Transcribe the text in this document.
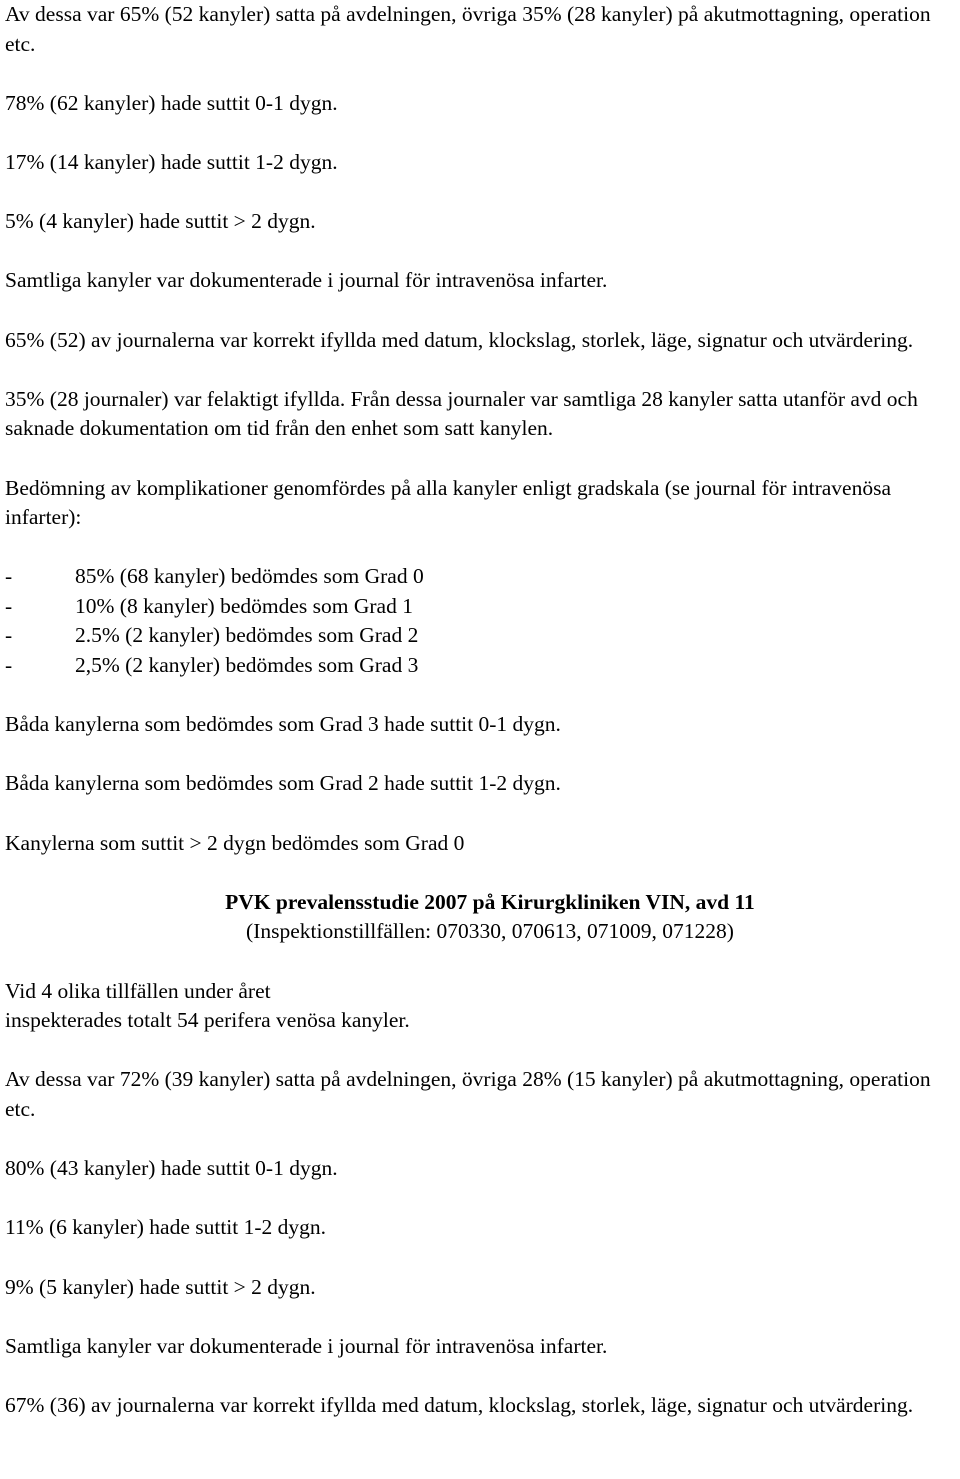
Av dessa var 65% (52 kanyler) satta på avdelningen, övriga 35% (28 kanyler) på akutmottagning, operation etc.

78% (62 kanyler) hade suttit 0-1 dygn.

17% (14 kanyler) hade suttit 1-2 dygn.

5% (4 kanyler) hade suttit > 2 dygn.

Samtliga kanyler var dokumenterade i journal för intravenösa infarter.

65% (52) av journalerna var korrekt ifyllda med datum, klockslag, storlek, läge, signatur och utvärdering.

35% (28 journaler) var felaktigt ifyllda. Från dessa journaler var samtliga 28 kanyler satta utanför avd och saknade dokumentation om tid från den enhet som satt kanylen.

Bedömning av komplikationer genomfördes på alla kanyler enligt gradskala (se journal för intravenösa infarter):

-	85% (68 kanyler) bedömdes som Grad 0
-	10% (8 kanyler) bedömdes som Grad 1
-	2.5% (2 kanyler) bedömdes som Grad 2
-	2,5% (2 kanyler) bedömdes som Grad 3

Båda kanylerna som bedömdes som Grad 3 hade suttit 0-1 dygn.

Båda kanylerna som bedömdes som Grad 2 hade suttit 1-2 dygn.

Kanylerna som suttit > 2 dygn bedömdes som Grad 0

PVK prevalensstudie 2007 på Kirurgkliniken VIN, avd 11
(Inspektionstillfällen: 070330, 070613, 071009, 071228)

Vid 4 olika tillfällen under året

inspekterades totalt 54 perifera venösa kanyler.

Av dessa var 72% (39 kanyler) satta på avdelningen, övriga 28% (15 kanyler) på akutmottagning, operation etc.

80% (43 kanyler) hade suttit 0-1 dygn.

11% (6 kanyler) hade suttit 1-2 dygn.

9% (5 kanyler) hade suttit > 2 dygn.

Samtliga kanyler var dokumenterade i journal för intravenösa infarter.

67% (36) av journalerna var korrekt ifyllda med datum, klockslag, storlek, läge, signatur och utvärdering.
